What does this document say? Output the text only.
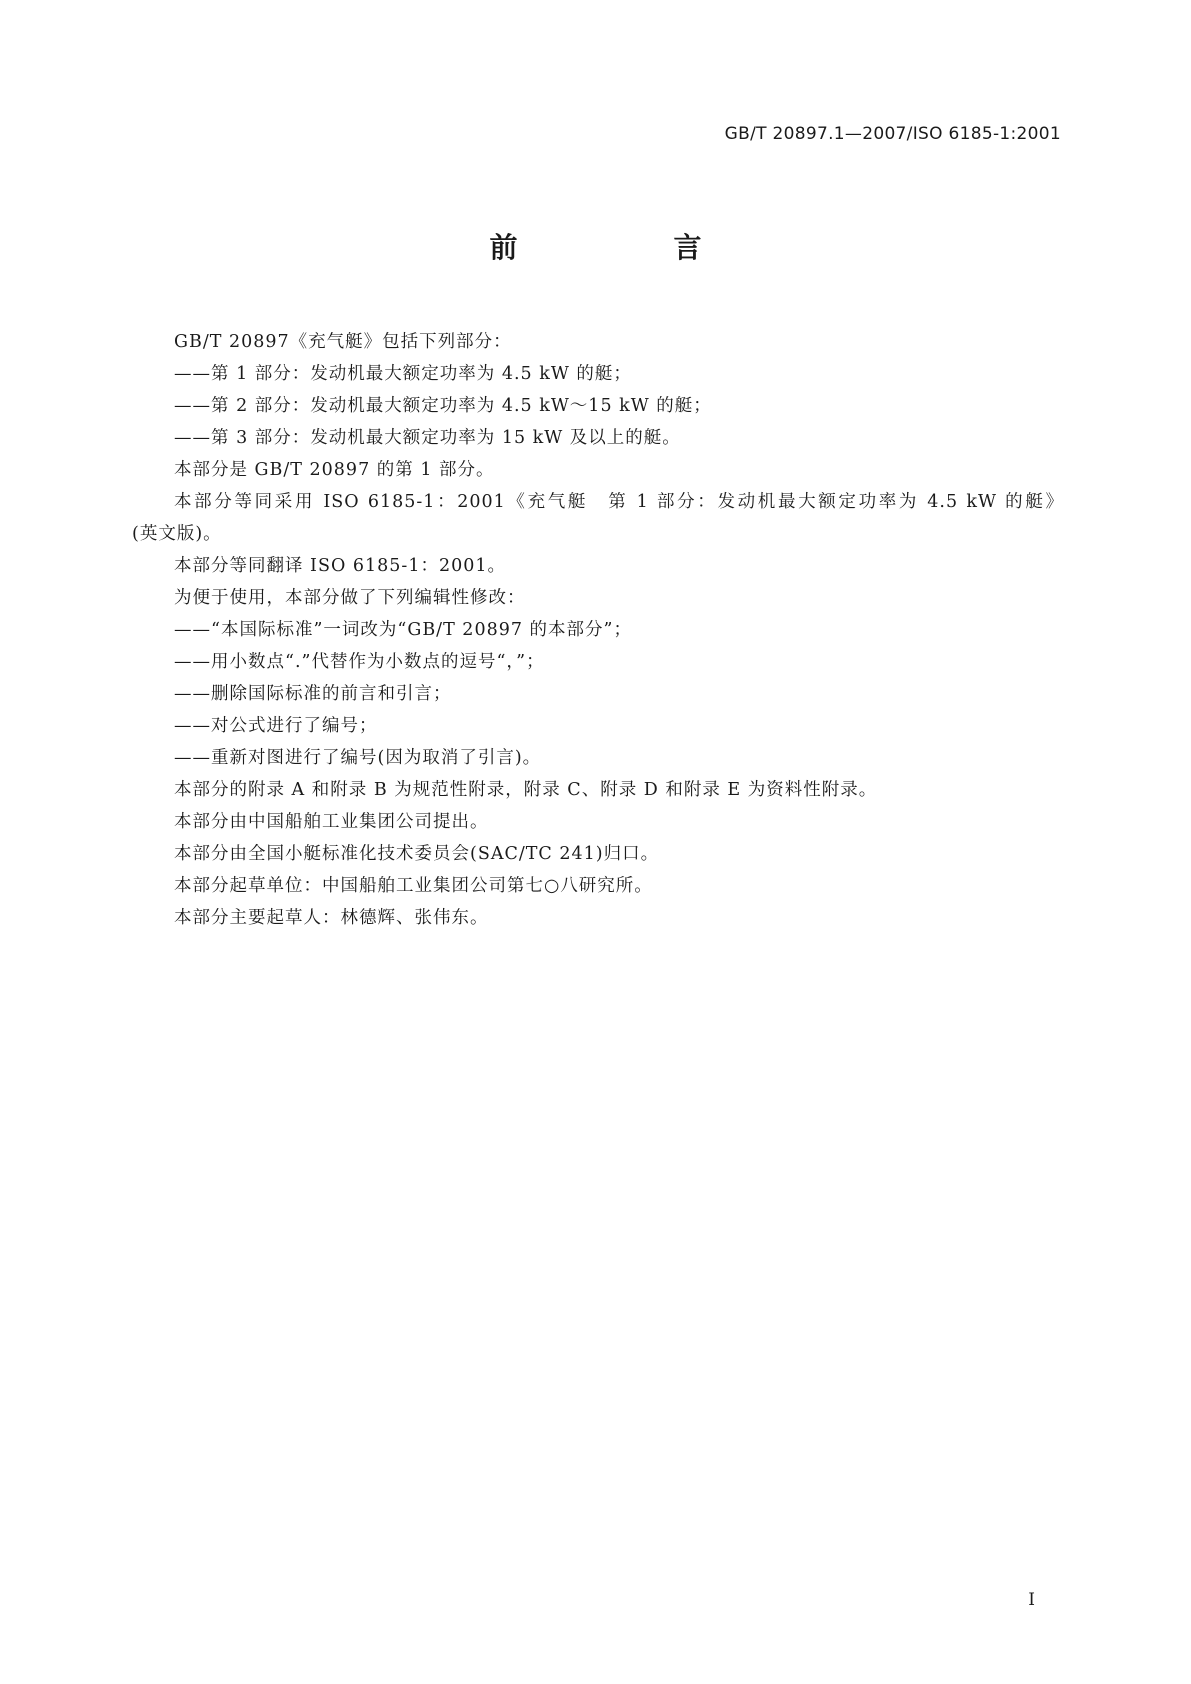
GB/T 20897.1—2007/ISO 6185-1:2001
前　言

GB/T 20897《充气艇》包括下列部分：

——第 1 部分：发动机最大额定功率为 4.5 kW 的艇；

——第 2 部分：发动机最大额定功率为 4.5 kW～15 kW 的艇；

——第 3 部分：发动机最大额定功率为 15 kW 及以上的艇。

本部分是 GB/T 20897 的第 1 部分。

本部分等同采用 ISO 6185-1：2001《充气艇　第 1 部分：发动机最大额定功率为 4.5 kW 的艇》

(英文版)。

本部分等同翻译 ISO 6185-1：2001。

为便于使用，本部分做了下列编辑性修改：

——“本国际标准”一词改为“GB/T 20897 的本部分”；

——用小数点“.”代替作为小数点的逗号“，”；

——删除国际标准的前言和引言；

——对公式进行了编号；

——重新对图进行了编号(因为取消了引言)。

本部分的附录 A 和附录 B 为规范性附录，附录 C、附录 D 和附录 E 为资料性附录。

本部分由中国船舶工业集团公司提出。

本部分由全国小艇标准化技术委员会(SAC/TC 241)归口。

本部分起草单位：中国船舶工业集团公司第七○八研究所。

本部分主要起草人：林德辉、张伟东。

I
